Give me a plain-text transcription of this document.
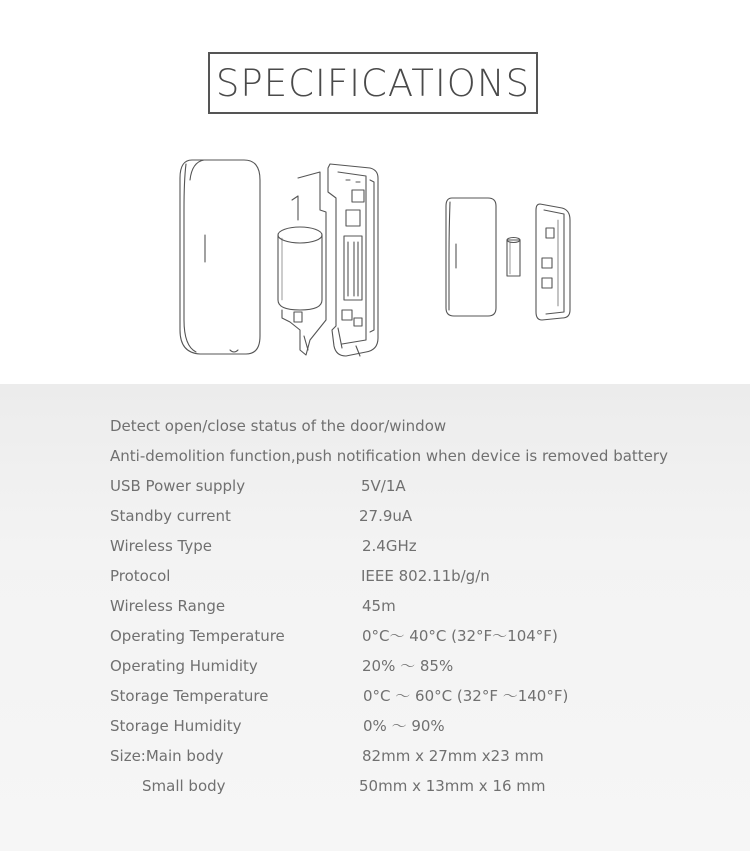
SPECIFICATIONS
Detect open/close status of the door/window
Anti-demolition function,push notification when device is removed battery
USB Power supply	5V/1A
Standby current	27.9uA
Wireless Type	2.4GHz
Protocol	IEEE 802.11b/g/n
Wireless Range	45m
Operating Temperature	0°C～ 40°C (32°F～104°F)
Operating Humidity	20% ～ 85%
Storage Temperature	0°C ～ 60°C (32°F ～140°F)
Storage Humidity	0% ～ 90%
Size:Main body	82mm x 27mm x23 mm
Small body	50mm x 13mm x 16 mm
